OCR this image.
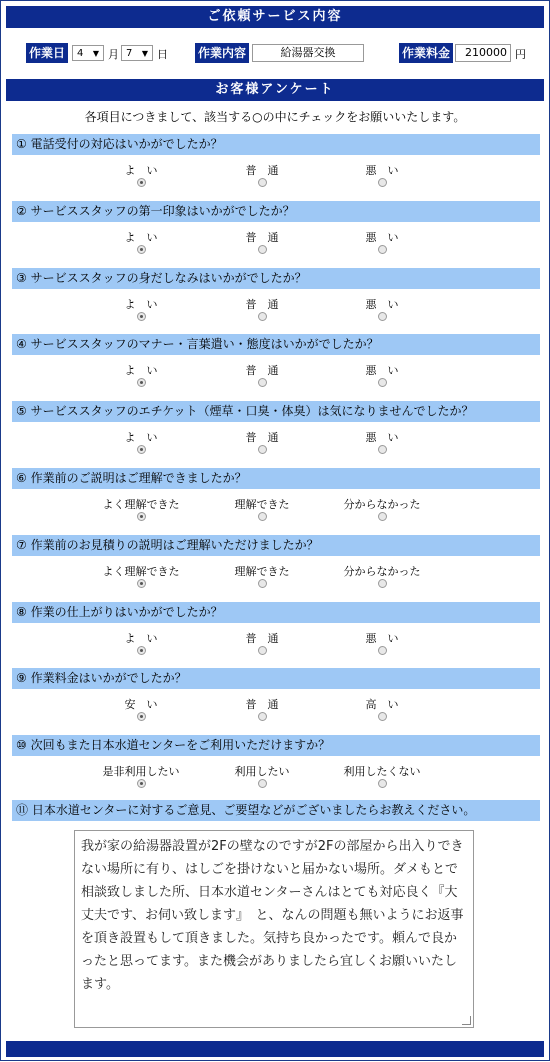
ご依頼サービス内容
作業日	4 ▼ 月 7 ▼ 日	作業内容	給湯器交換	作業料金	210000 円
お客様アンケート
各項目につきまして、該当する○の中にチェックをお願いいたします。
① 電話受付の対応はいかがでしたか？
よ　い	普　通	悪　い
② サービススタッフの第一印象はいかがでしたか？
よ　い	普　通	悪　い
③ サービススタッフの身だしなみはいかがでしたか？
よ　い	普　通	悪　い
④ サービススタッフのマナー・言葉遣い・態度はいかがでしたか？
よ　い	普　通	悪　い
⑤ サービススタッフのエチケット（煙草・口臭・体臭）は気になりませんでしたか？
よ　い	普　通	悪　い
⑥ 作業前のご説明はご理解できましたか？
よく理解できた	理解できた	分からなかった
⑦ 作業前のお見積りの説明はご理解いただけましたか？
よく理解できた	理解できた	分からなかった
⑧ 作業の仕上がりはいかがでしたか？
よ　い	普　通	悪　い
⑨ 作業料金はいかがでしたか？
安　い	普　通	高　い
⑩ 次回もまた日本水道センターをご利用いただけますか？
是非利用したい	利用したい	利用したくない
⑪ 日本水道センターに対するご意見、ご要望などがございましたらお教えください。
我が家の給湯器設置が2Fの壁なのですが2Fの部屋から出入りできない場所に有り、はしごを掛けないと届かない場所。ダメもとで相談致しました所、日本水道センターさんはとても対応良く『大丈夫です、お伺い致します』　と、なんの問題も無いようにお返事を頂き設置もして頂きました。気持ち良かったです。頼んで良かったと思ってます。また機会がありましたら宜しくお願いいたします。
